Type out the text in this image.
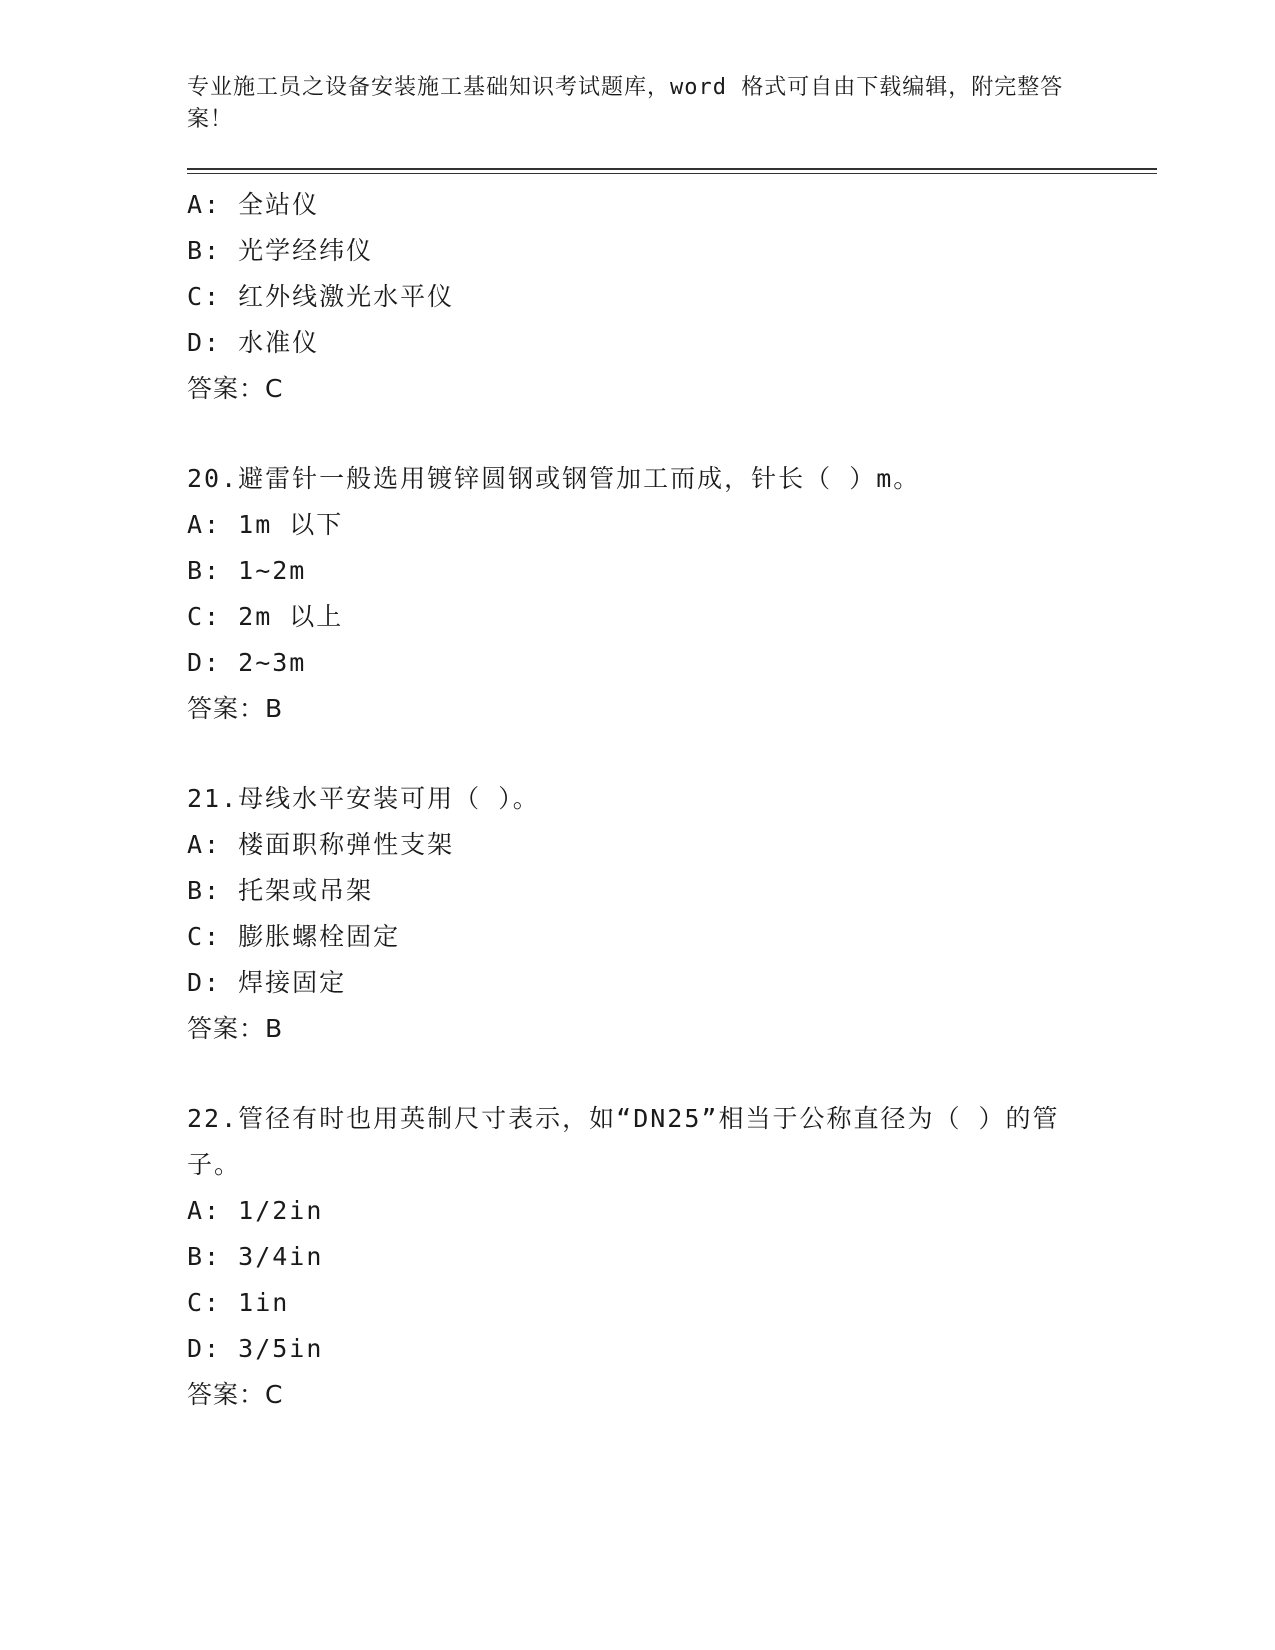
专业施工员之设备安装施工基础知识考试题库，word 格式可自由下载编辑，附完整答案！
A: 全站仪
B: 光学经纬仪
C: 红外线激光水平仪
D: 水准仪
答案：C
20.避雷针一般选用镀锌圆钢或钢管加工而成，针长（ ）m。
A: 1m 以下
B: 1~2m
C: 2m 以上
D: 2~3m
答案：B
21.母线水平安装可用（ ）。
A: 楼面职称弹性支架
B: 托架或吊架
C: 膨胀螺栓固定
D: 焊接固定
答案：B
22.管径有时也用英制尺寸表示，如“DN25”相当于公称直径为（ ）的管子。
A: 1/2in
B: 3/4in
C: 1in
D: 3/5in
答案：C
